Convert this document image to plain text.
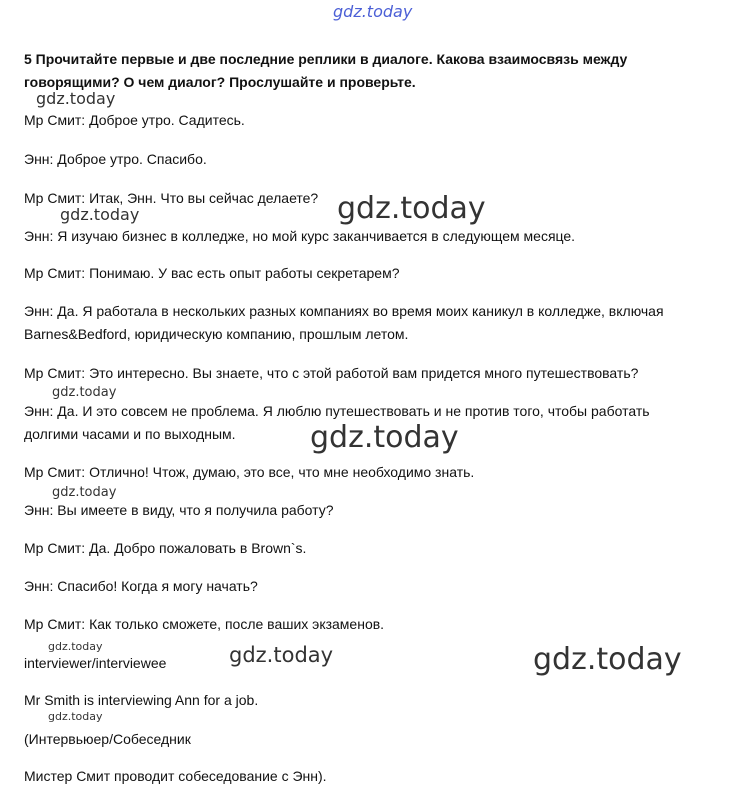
gdz.today
5 Прочитайте первые и две последние реплики в диалоге. Какова взаимосвязь между
говорящими? О чем диалог? Прослушайте и проверьте.
Мр Смит: Доброе утро. Садитесь.
Энн: Доброе утро. Спасибо.
Мр Смит: Итак, Энн. Что вы сейчас делаете?
Энн: Я изучаю бизнес в колледже, но мой курс заканчивается в следующем месяце.
Мр Смит: Понимаю. У вас есть опыт работы секретарем?
Энн: Да. Я работала в нескольких разных компаниях во время моих каникул в колледже, включая
Barnes&Bedford, юридическую компанию, прошлым летом.
Мр Смит: Это интересно. Вы знаете, что с этой работой вам придется много путешествовать?
Энн: Да. И это совсем не проблема. Я люблю путешествовать и не против того, чтобы работать
долгими часами и по выходным.
Мр Смит: Отлично! Чтож, думаю, это все, что мне необходимо знать.
Энн: Вы имеете в виду, что я получила работу?
Мр Смит: Да. Добро пожаловать в Brown`s.
Энн: Спасибо! Когда я могу начать?
Мр Смит: Как только сможете, после ваших экзаменов.
interviewer/interviewee
Mr Smith is interviewing Ann for a job.
(Интервьюер/Собеседник
Мистер Смит проводит собеседование с Энн).
gdz.today
gdz.today	gdz.today
gdz.today
gdz.today
gdz.today
gdz.today	gdz.today	gdz.today
gdz.today
